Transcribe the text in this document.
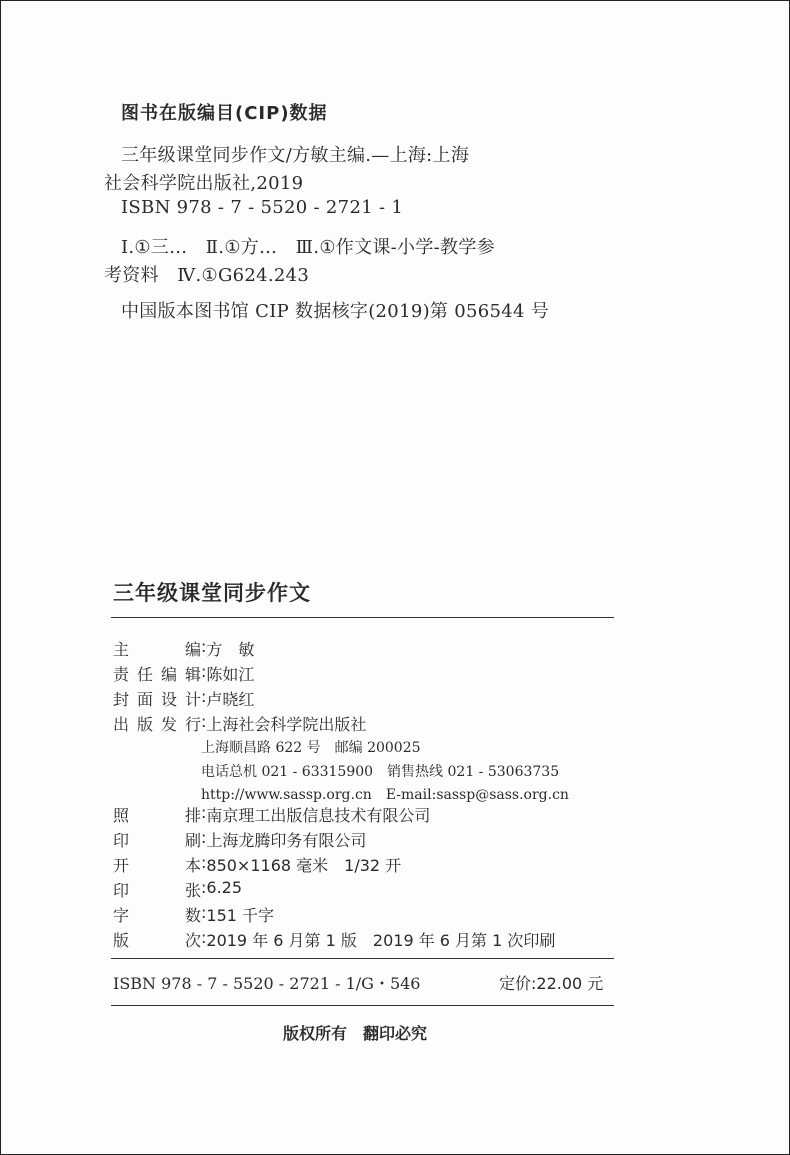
图书在版编目(CIP)数据
三年级课堂同步作文/方敏主编.—上海:上海
社会科学院出版社,2019
ISBN 978 - 7 - 5520 - 2721 - 1
Ⅰ.①三…　Ⅱ.①方…　Ⅲ.①作文课-小学-教学参
考资料　Ⅳ.①G624.243
中国版本图书馆 CIP 数据核字(2019)第 056544 号
三年级课堂同步作文
主　　编 : 方　敏
责任编辑 : 陈如江
封面设计 : 卢晓红
出版发行 : 上海社会科学院出版社
上海顺昌路 622 号　邮编 200025
电话总机 021 - 63315900　销售热线 021 - 53063735
http://www.sassp.org.cn　E-mail:sassp@sass.org.cn
照　　排 : 南京理工出版信息技术有限公司
印　　刷 : 上海龙腾印务有限公司
开　　本 : 850×1168 毫米　1/32 开
印　　张 : 6.25
字　　数 : 151 千字
版　　次 : 2019 年 6 月第 1 版　2019 年 6 月第 1 次印刷
ISBN 978 - 7 - 5520 - 2721 - 1/G・546	定价:22.00 元
版权所有　翻印必究
